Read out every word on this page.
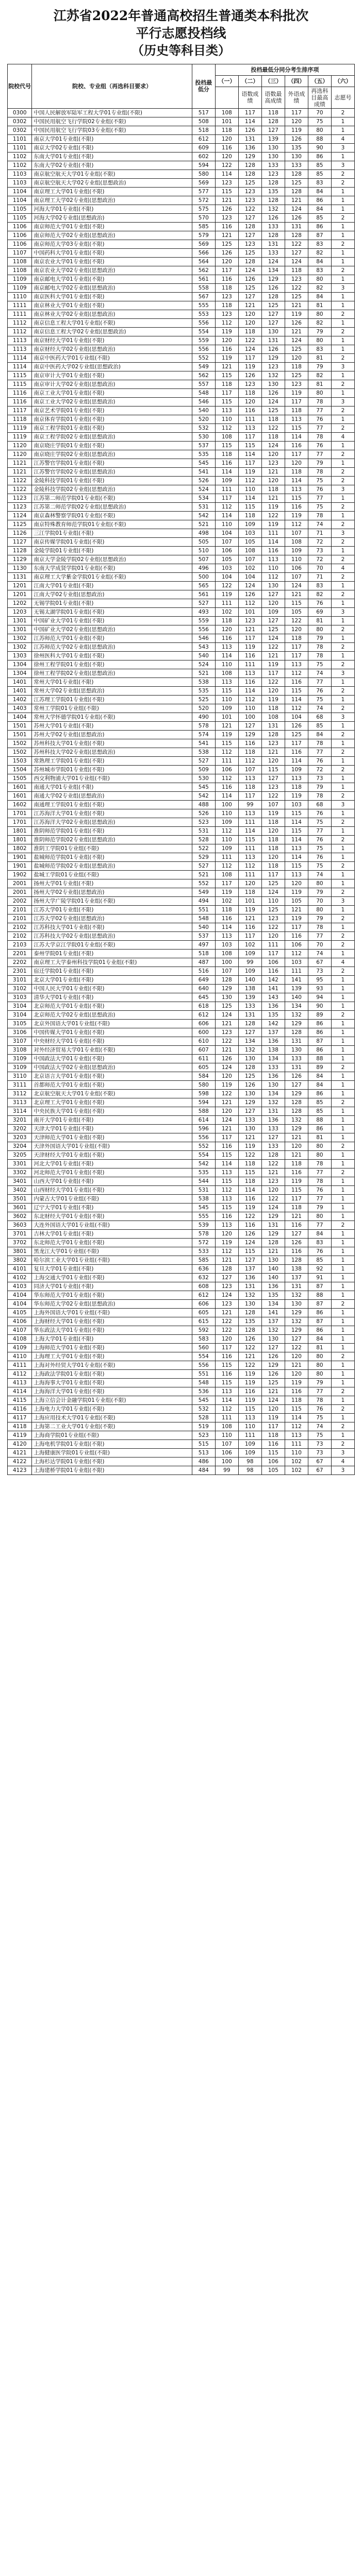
江苏省2022年普通高校招生普通类本科批次
平行志愿投档线
（历史等科目类）
院校代号	院校、专业组（再选科目要求）	投档最低分	投档最低分同分考生排序项					
			（一）	（二）	（三）	（四）	（五）	（六）
				语数成绩	语数最高成绩	外语成绩	再选科目最高成绩	志愿号
0300	中国人民解放军陆军工程大学01专业组(不限)	517	108	117	118	117	70	2
0302	中国民用航空飞行学院02专业组(不限)	508	101	114	128	120	75	1
0302	中国民用航空飞行学院03专业组(不限)	518	118	126	127	119	80	1
1101	南京大学01专业组(不限)	612	120	131	139	126	88	4
1101	南京大学02专业组(不限)	609	116	136	130	135	90	3
1102	东南大学01专业组(不限)	602	120	129	130	130	86	1
1102	东南大学02专业组(不限)	594	122	128	133	133	85	3
1103	南京航空航天大学01专业组(不限)	580	114	128	123	128	85	2
1103	南京航空航天大学02专业组(思想政治)	569	123	125	128	125	83	2
1104	南京理工大学01专业组(不限)	577	115	123	135	128	84	1
1104	南京理工大学02专业组(思想政治)	572	121	123	128	121	86	1
1105	河海大学01专业组(不限)	575	126	122	132	124	84	1
1105	河海大学02专业组(思想政治)	570	123	127	126	126	85	2
1106	南京师范大学01专业组(不限)	585	116	128	133	131	86	1
1106	南京师范大学02专业组(思想政治)	579	121	127	128	128	87	1
1106	南京师范大学03专业组(不限)	569	125	123	131	122	83	2
1107	中国药科大学01专业组(不限)	566	126	125	133	127	82	1
1108	南京农业大学01专业组(不限)	564	120	128	124	124	84	1
1108	南京农业大学02专业组(思想政治)	562	117	124	134	118	83	2
1109	南京邮电大学01专业组(不限)	561	116	126	129	123	80	1
1109	南京邮电大学02专业组(思想政治)	558	118	125	126	122	82	3
1110	南京医科大学01专业组(不限)	567	123	127	128	125	84	1
1111	南京林业大学01专业组(不限)	555	118	121	125	121	81	1
1111	南京林业大学02专业组(思想政治)	553	123	120	127	119	80	2
1112	南京信息工程大学01专业组(不限)	556	112	120	127	126	82	1
1112	南京信息工程大学02专业组(思想政治)	554	119	118	130	121	79	2
1113	南京财经大学01专业组(不限)	559	120	122	131	124	80	1
1113	南京财经大学02专业组(思想政治)	556	116	124	126	125	83	1
1114	南京中医药大学01专业组(不限)	552	119	117	129	120	81	2
1114	南京中医药大学02专业组(思想政治)	549	121	119	123	118	79	3
1115	南京审计大学01专业组(不限)	562	115	126	132	125	82	1
1115	南京审计大学02专业组(思想政治)	557	118	123	130	123	81	2
1116	南京工业大学01专业组(不限)	548	117	118	126	119	80	1
1116	南京工业大学02专业组(思想政治)	546	115	120	124	117	78	3
1117	南京艺术学院01专业组(不限)	540	113	116	125	118	77	2
1118	南京体育学院01专业组(不限)	520	110	111	118	113	76	1
1119	南京工程学院01专业组(不限)	532	112	113	122	115	77	2
1119	南京工程学院02专业组(思想政治)	530	108	117	118	114	78	4
1120	南京晓庄学院01专业组(不限)	537	115	115	124	116	76	1
1120	南京晓庄学院02专业组(思想政治)	535	118	114	120	117	77	2
1121	江苏警官学院01专业组(不限)	545	116	117	123	120	79	1
1121	江苏警官学院02专业组(思想政治)	541	114	119	121	118	78	2
1122	金陵科技学院01专业组(不限)	526	109	112	120	114	75	2
1122	金陵科技学院02专业组(思想政治)	524	111	110	118	113	76	3
1123	江苏第二师范学院01专业组(不限)	534	117	114	121	115	77	1
1123	江苏第二师范学院02专业组(思想政治)	531	112	115	119	116	75	2
1124	南京森林警察学院01专业组(不限)	542	114	118	122	119	78	1
1125	南京特殊教育师范学院01专业组(不限)	521	110	109	119	112	74	2
1126	三江学院01专业组(不限)	498	104	103	111	107	71	3
1127	南京传媒学院01专业组(不限)	505	107	105	114	108	72	2
1128	金陵学院01专业组(不限)	510	106	108	116	109	73	1
1129	南京大学金陵学院02专业组(思想政治)	507	105	107	113	110	72	2
1130	东南大学成贤学院01专业组(不限)	496	103	102	110	106	70	4
1131	南京理工大学紫金学院01专业组(不限)	500	104	104	112	107	71	2
1201	江南大学01专业组(不限)	565	122	124	130	124	83	1
1201	江南大学02专业组(思想政治)	561	119	126	127	121	82	2
1202	无锡学院01专业组(不限)	527	111	112	120	115	76	1
1203	无锡太湖学院01专业组(不限)	493	102	101	109	105	69	3
1301	中国矿业大学01专业组(不限)	559	118	123	127	122	81	1
1301	中国矿业大学02专业组(思想政治)	556	120	121	125	120	80	2
1302	江苏师范大学01专业组(不限)	546	116	117	124	118	79	1
1302	江苏师范大学02专业组(思想政治)	543	113	119	122	117	78	2
1303	徐州医科大学01专业组(不限)	540	114	116	121	117	78	1
1304	徐州工程学院01专业组(不限)	524	110	111	119	113	75	2
1304	徐州工程学院02专业组(思想政治)	521	108	113	117	112	74	3
1401	常州大学01专业组(不限)	538	113	116	122	116	77	1
1401	常州大学02专业组(思想政治)	535	115	114	120	115	76	2
1402	江苏理工学院01专业组(不限)	525	110	112	119	114	75	1
1403	常州工学院01专业组(不限)	520	109	110	118	112	74	2
1404	常州大学怀德学院01专业组(不限)	490	101	100	108	104	68	3
1501	苏州大学01专业组(不限)	578	121	127	131	126	85	1
1501	苏州大学02专业组(思想政治)	574	119	129	128	125	84	2
1502	苏州科技大学01专业组(不限)	541	115	116	123	117	78	1
1502	苏州科技大学02专业组(思想政治)	538	112	118	121	116	77	2
1503	常熟理工学院01专业组(不限)	527	111	112	120	114	76	1
1504	苏州城市学院01专业组(不限)	509	106	107	115	109	72	2
1505	西交利物浦大学01专业组(不限)	530	112	113	127	113	73	1
1601	南通大学01专业组(不限)	545	116	118	123	118	79	1
1601	南通大学02专业组(思想政治)	542	114	117	122	119	78	2
1602	南通理工学院01专业组(不限)	488	100	99	107	103	68	3
1701	江苏海洋大学01专业组(不限)	526	110	113	119	115	76	1
1701	江苏海洋大学02专业组(思想政治)	523	109	111	118	114	75	2
1801	淮阴师范学院01专业组(不限)	531	112	114	120	115	77	1
1801	淮阴师范学院02专业组(思想政治)	528	110	115	118	114	76	2
1802	淮阴工学院01专业组(不限)	522	109	111	118	113	75	1
1901	盐城师范学院01专业组(不限)	529	111	113	120	114	76	1
1901	盐城师范学院02专业组(思想政治)	527	112	112	118	115	75	2
1902	盐城工学院01专业组(不限)	521	108	111	117	113	74	1
2001	扬州大学01专业组(不限)	552	117	120	125	120	80	1
2001	扬州大学02专业组(思想政治)	549	119	118	124	119	79	2
2002	扬州大学广陵学院01专业组(不限)	494	102	101	110	105	70	3
2101	江苏大学01专业组(不限)	551	118	119	125	121	80	1
2101	江苏大学02专业组(思想政治)	548	116	121	123	119	79	2
2102	江苏科技大学01专业组(不限)	540	114	116	122	117	78	1
2102	江苏科技大学02专业组(思想政治)	537	113	117	120	116	77	2
2103	江苏大学京江学院01专业组(不限)	497	103	102	111	106	70	2
2201	泰州学院01专业组(不限)	518	108	109	117	112	74	1
2202	南京理工大学泰州科技学院01专业组(不限)	487	100	99	106	103	67	4
2301	宿迁学院01专业组(不限)	516	107	109	116	111	73	2
3101	北京大学01专业组(不限)	649	128	140	142	141	95	1
3102	中国人民大学01专业组(不限)	640	129	138	141	139	93	1
3103	清华大学01专业组(不限)	645	130	139	143	140	94	1
3104	北京师范大学01专业组(不限)	618	125	133	136	134	90	1
3104	北京师范大学02专业组(思想政治)	612	124	131	135	132	89	2
3105	北京外国语大学01专业组(不限)	606	121	128	142	129	86	1
3106	中国传媒大学01专业组(不限)	600	123	127	137	128	86	1
3107	中央财经大学01专业组(不限)	610	122	134	136	131	87	1
3108	对外经济贸易大学01专业组(不限)	607	121	132	138	130	86	1
3109	中国政法大学01专业组(不限)	611	126	130	134	133	88	1
3109	中国政法大学02专业组(思想政治)	605	124	128	133	131	89	2
3110	北京语言大学01专业组(不限)	584	120	125	136	126	84	1
3111	首都师范大学01专业组(不限)	580	119	126	130	127	84	1
3112	北京航空航天大学01专业组(不限)	598	122	130	134	129	86	1
3113	北京理工大学01专业组(不限)	594	121	129	132	128	85	2
3114	中央民族大学01专业组(不限)	588	120	127	131	128	85	1
3201	南开大学01专业组(不限)	614	124	133	136	132	88	1
3202	天津大学01专业组(不限)	596	121	130	133	129	86	1
3203	天津师范大学01专业组(不限)	556	117	121	127	121	81	1
3204	天津外国语大学01专业组(不限)	552	116	119	133	120	80	2
3205	天津财经大学01专业组(不限)	554	115	122	128	121	80	1
3301	河北大学01专业组(不限)	542	114	118	122	118	78	1
3302	河北师范大学01专业组(不限)	535	113	115	121	116	77	2
3401	山西大学01专业组(不限)	544	115	118	123	119	78	1
3402	山西财经大学01专业组(不限)	531	112	114	120	115	76	1
3501	内蒙古大学01专业组(不限)	538	113	116	122	117	77	1
3601	辽宁大学01专业组(不限)	545	115	119	124	118	79	1
3602	东北财经大学01专业组(不限)	555	116	122	129	121	80	1
3603	大连外国语大学01专业组(不限)	539	113	116	131	116	77	2
3701	吉林大学01专业组(不限)	578	120	126	129	127	84	1
3702	东北师范大学01专业组(不限)	572	119	124	128	126	83	1
3801	黑龙江大学01专业组(不限)	533	112	115	121	116	76	1
3802	哈尔滨工业大学01专业组(不限)	585	121	127	130	128	85	1
4101	复旦大学01专业组(不限)	636	128	137	140	138	92	1
4102	上海交通大学01专业组(不限)	632	127	136	140	137	91	1
4103	同济大学01专业组(不限)	608	123	131	136	131	87	1
4104	华东师范大学01专业组(不限)	612	124	132	135	132	88	1
4104	华东师范大学02专业组(思想政治)	606	123	130	134	130	87	2
4105	上海外国语大学01专业组(不限)	605	121	128	141	129	86	1
4106	上海财经大学01专业组(不限)	615	122	135	137	132	87	1
4107	华东政法大学01专业组(不限)	592	122	128	132	129	86	1
4108	上海大学01专业组(不限)	583	120	126	130	127	84	1
4109	上海师范大学01专业组(不限)	560	117	122	127	122	81	1
4110	上海理工大学01专业组(不限)	554	116	121	126	120	80	2
4111	上海对外经贸大学01专业组(不限)	556	115	122	129	121	80	1
4112	上海政法学院01专业组(不限)	551	116	119	126	120	80	1
4113	上海海事大学01专业组(不限)	548	115	119	125	119	79	1
4114	上海海洋大学01专业组(不限)	536	113	116	121	116	77	2
4115	上海立信会计金融学院01专业组(不限)	545	114	119	124	118	78	1
4116	上海电力大学01专业组(不限)	532	112	115	120	115	76	2
4117	上海应用技术大学01专业组(不限)	528	111	113	119	114	75	1
4118	上海第二工业大学01专业组(不限)	519	108	110	117	112	74	2
4119	上海商学院01专业组(不限)	523	110	111	118	113	75	1
4120	上海电机学院01专业组(不限)	515	107	109	116	111	73	2
4121	上海健康医学院01专业组(不限)	513	106	109	115	110	73	3
4122	上海杉达学院01专业组(不限)	486	100	98	106	102	67	4
4123	上海建桥学院01专业组(不限)	484	99	98	105	102	67	3
